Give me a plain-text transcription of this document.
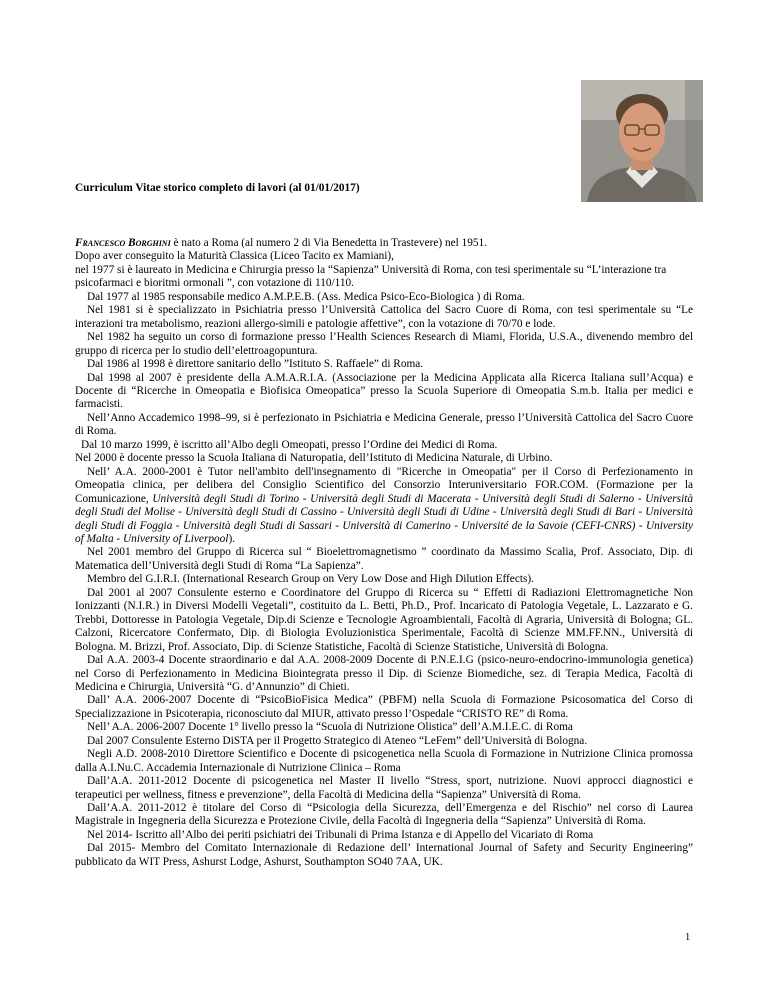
Curriculum Vitae storico completo di lavori (al 01/01/2017)

Francesco Borghini è nato a Roma (al numero 2 di Via Benedetta in Trastevere) nel 1951.

Dopo aver conseguito la Maturità Classica (Liceo Tacito ex Mamiani),

nel 1977 si è laureato in Medicina e Chirurgia presso la “Sapienza” Università di Roma, con tesi sperimentale su “L’interazione tra psicofarmaci e bioritmi ormonali ”, con votazione di 110/110.

Dal 1977 al 1985 responsabile medico A.M.P.E.B. (Ass. Medica Psico-Eco-Biologica ) di Roma.

Nel 1981 si è specializzato in Psichiatria presso l’Università Cattolica del Sacro Cuore di Roma, con tesi sperimentale su “Le interazioni tra metabolismo, reazioni allergo-simili e patologie affettive”, con la votazione di 70/70 e lode.

Nel 1982 ha seguito un corso di formazione presso l’Health Sciences Research di Miami, Florida, U.S.A., divenendo membro del gruppo di ricerca per lo studio dell’elettroagopuntura.

Dal 1986 al 1998 è direttore sanitario dello ”Istituto S. Raffaele” di Roma.

Dal 1998 al 2007 è presidente della A.M.A.R.I.A. (Associazione per la Medicina Applicata alla Ricerca Italiana sull’Acqua) e Docente di “Ricerche in Omeopatia e Biofisica Omeopatica” presso la Scuola Superiore di Omeopatia S.m.b. Italia per medici e farmacisti.

Nell’Anno Accademico 1998–99, si è perfezionato in Psichiatria e Medicina Generale, presso l’Università Cattolica del Sacro Cuore di Roma.

Dal 10 marzo 1999, è iscritto all’Albo degli Omeopati, presso l’Ordine dei Medici di Roma.

Nel 2000 è docente presso la Scuola Italiana di Naturopatia, dell’Istituto di Medicina Naturale, di Urbino.

Nell’ A.A. 2000-2001 è Tutor nell'ambito dell'insegnamento di "Ricerche in Omeopatia" per il Corso di Perfezionamento in Omeopatia clinica, per delibera del Consiglio Scientifico del Consorzio Interuniversitario FOR.COM. (Formazione per la Comunicazione, Università degli Studi di Torino - Università degli Studi di Macerata - Università degli Studi di Salerno - Università degli Studi del Molise - Università degli Studi di Cassino - Università degli Studi di Udine - Università degli Studi di Bari - Università degli Studi di Foggia - Università degli Studi di Sassari - Università di Camerino - Université de la Savoie (CEFI-CNRS) - University of Malta - University of Liverpool).

Nel 2001 membro del Gruppo di Ricerca sul “ Bioelettromagnetismo ” coordinato da Massimo Scalia, Prof. Associato, Dip. di Matematica dell’Università degli Studi di Roma “La Sapienza”.

Membro del G.I.R.I. (International Research Group on Very Low Dose and High Dilution Effects).

Dal 2001 al 2007 Consulente esterno e Coordinatore del Gruppo di Ricerca su “ Effetti di Radiazioni Elettromagnetiche Non Ionizzanti (N.I.R.) in Diversi Modelli Vegetali”, costituito da L. Betti, Ph.D., Prof. Incaricato di Patologia Vegetale, L. Lazzarato e G. Trebbi, Dottoresse in Patologia Vegetale, Dip.di Scienze e Tecnologie Agroambientali, Facoltà di Agraria, Università di Bologna; GL. Calzoni, Ricercatore Confermato, Dip. di Biologia Evoluzionistica Sperimentale, Facoltà di Scienze MM.FF.NN., Università di Bologna. M. Brizzi, Prof. Associato, Dip. di Scienze Statistiche, Facoltà di Scienze Statistiche, Università di Bologna.

Dal A.A. 2003-4 Docente straordinario e dal A.A. 2008-2009 Docente di P.N.E.I.G (psico-neuro-endocrino-immunologia genetica) nel Corso di Perfezionamento in Medicina Biointegrata presso il Dip. di Scienze Biomediche, sez. di Terapia Medica, Facoltà di Medicina e Chirurgia, Università “G. d’Annunzio” di Chieti.

Dall’ A.A. 2006-2007 Docente di “PsicoBioFisica Medica” (PBFM) nella Scuola di Formazione Psicosomatica del Corso di Specializzazione in Psicoterapia, riconosciuto dal MIUR, attivato presso l’Ospedale “CRISTO RE” di Roma.

Nell’ A.A. 2006-2007 Docente 1° livello presso la “Scuola di Nutrizione Olistica” dell’A.M.I.E.C. di Roma

Dal 2007 Consulente Esterno DiSTA per il Progetto Strategico di Ateneo “LeFem” dell’Università di Bologna.

Negli A.D. 2008-2010 Direttore Scientifico e Docente di psicogenetica nella Scuola di Formazione in Nutrizione Clinica promossa dalla A.I.Nu.C. Accademia Internazionale di Nutrizione Clinica – Roma

Dall’A.A. 2011-2012 Docente di psicogenetica nel Master II livello “Stress, sport, nutrizione. Nuovi approcci diagnostici e terapeutici per wellness, fitness e prevenzione”, della Facoltà di Medicina della “Sapienza” Università di Roma.

Dall’A.A. 2011-2012 è titolare del Corso di “Psicologia della Sicurezza, dell’Emergenza e del Rischio” nel corso di Laurea Magistrale in Ingegneria della Sicurezza e Protezione Civile, della Facoltà di Ingegneria della “Sapienza” Università di Roma.

Nel 2014- Iscritto all’Albo dei periti psichiatri dei Tribunali di Prima Istanza e di Appello del Vicariato di Roma

Dal 2015- Membro del Comitato Internazionale di Redazione dell’ International Journal of Safety and Security Engineering” pubblicato da WIT Press, Ashurst Lodge, Ashurst, Southampton SO40 7AA, UK.

1
